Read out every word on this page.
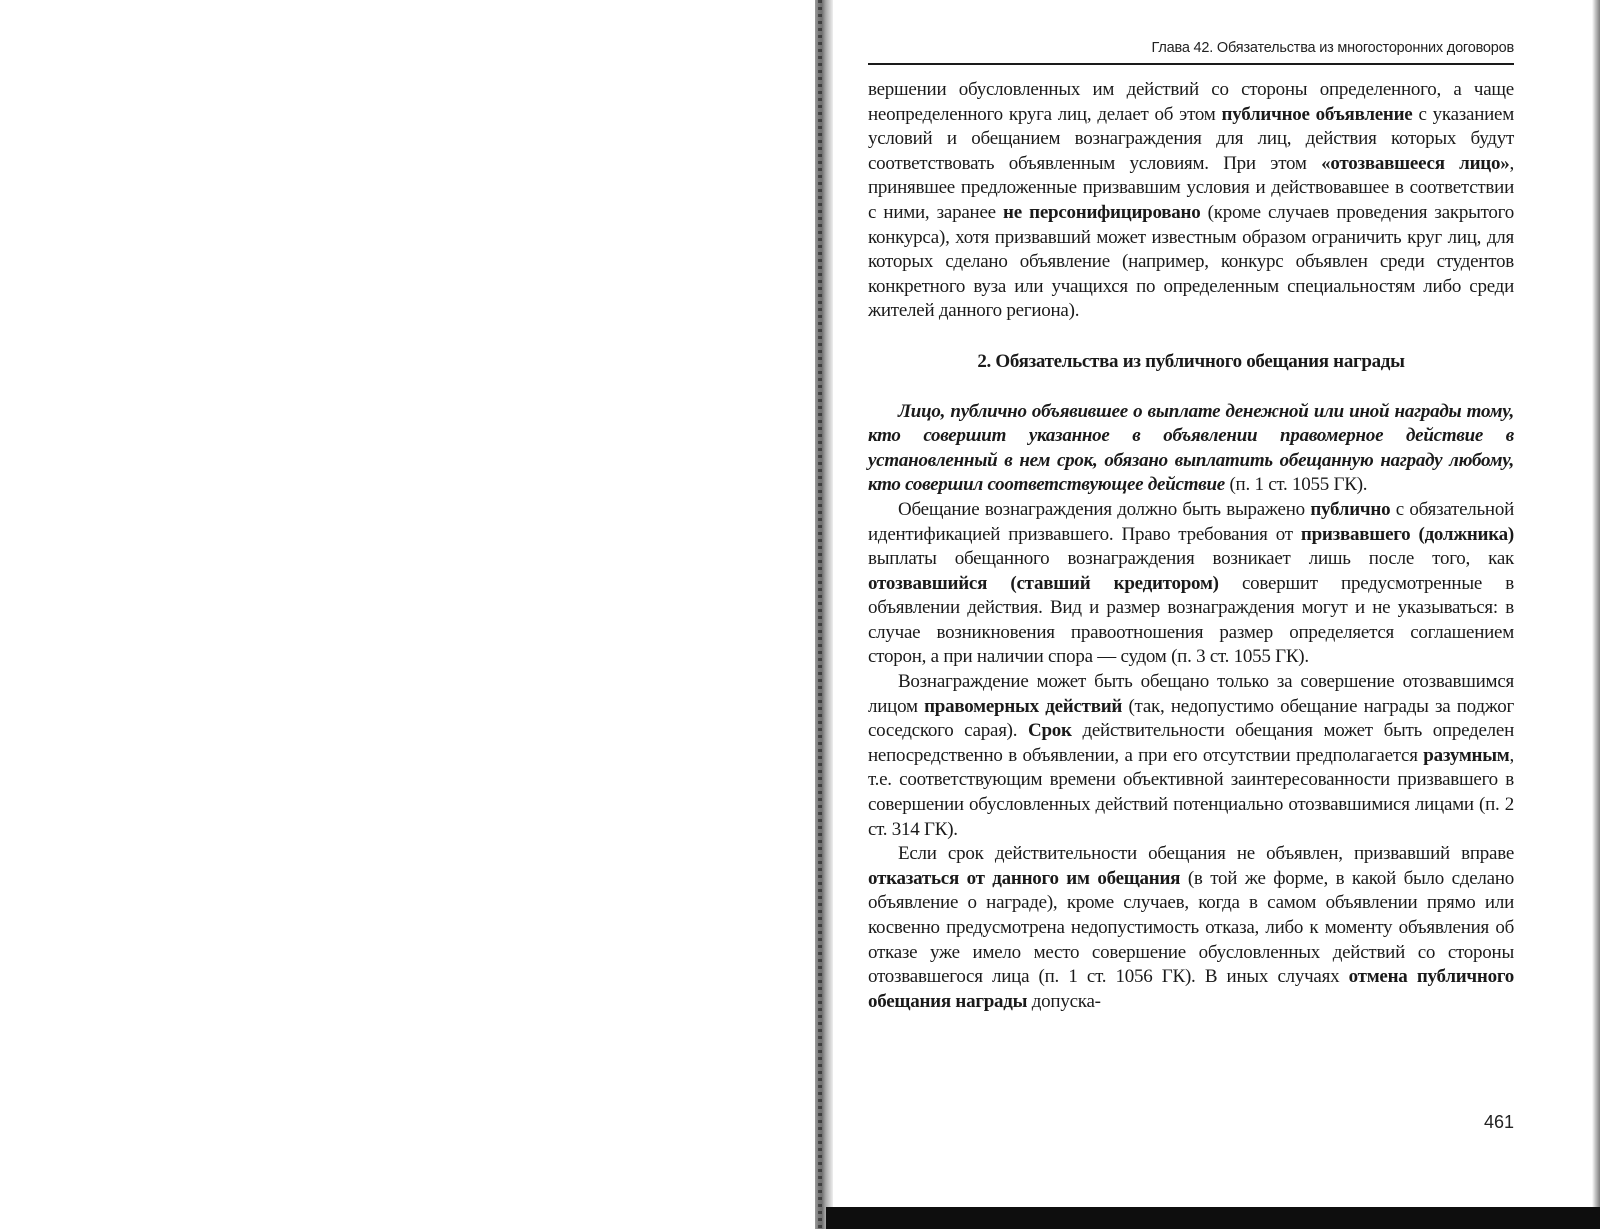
Глава 42. Обязательства из многосторонних договоров

вершении обусловленных им действий со стороны определенного, а чаще неопределенного круга лиц, делает об этом публичное объявление с указанием условий и обещанием вознаграждения для лиц, действия которых будут соответствовать объявленным условиям. При этом «отозвавшееся лицо», принявшее предложенные призвавшим условия и действовавшее в соответствии с ними, заранее не персонифицировано (кроме случаев проведения закрытого конкурса), хотя призвавший может известным образом ограничить круг лиц, для которых сделано объявление (например, конкурс объявлен среди студентов конкретного вуза или учащихся по определенным специальностям либо среди жителей данного региона).

2. Обязательства из публичного обещания награды

Лицо, публично объявившее о выплате денежной или иной награды тому, кто совершит указанное в объявлении правомерное действие в установленный в нем срок, обязано выплатить обещанную награду любому, кто совершил соответствующее действие (п. 1 ст. 1055 ГК).

Обещание вознаграждения должно быть выражено публично с обязательной идентификацией призвавшего. Право требования от призвавшего (должника) выплаты обещанного вознаграждения возникает лишь после того, как отозвавшийся (ставший кредитором) совершит предусмотренные в объявлении действия. Вид и размер вознаграждения могут и не указываться: в случае возникновения правоотношения размер определяется соглашением сторон, а при наличии спора — судом (п. 3 ст. 1055 ГК).

Вознаграждение может быть обещано только за совершение отозвавшимся лицом правомерных действий (так, недопустимо обещание награды за поджог соседского сарая). Срок действительности обещания может быть определен непосредственно в объявлении, а при его отсутствии предполагается разумным, т.е. соответствующим времени объективной заинтересованности призвавшего в совершении обусловленных действий потенциально отозвавшимися лицами (п. 2 ст. 314 ГК).

Если срок действительности обещания не объявлен, призвавший вправе отказаться от данного им обещания (в той же форме, в какой было сделано объявление о награде), кроме случаев, когда в самом объявлении прямо или косвенно предусмотрена недопустимость отказа, либо к моменту объявления об отказе уже имело место совершение обусловленных действий со стороны отозвавшегося лица (п. 1 ст. 1056 ГК). В иных случаях отмена публичного обещания награды допуска-

461
